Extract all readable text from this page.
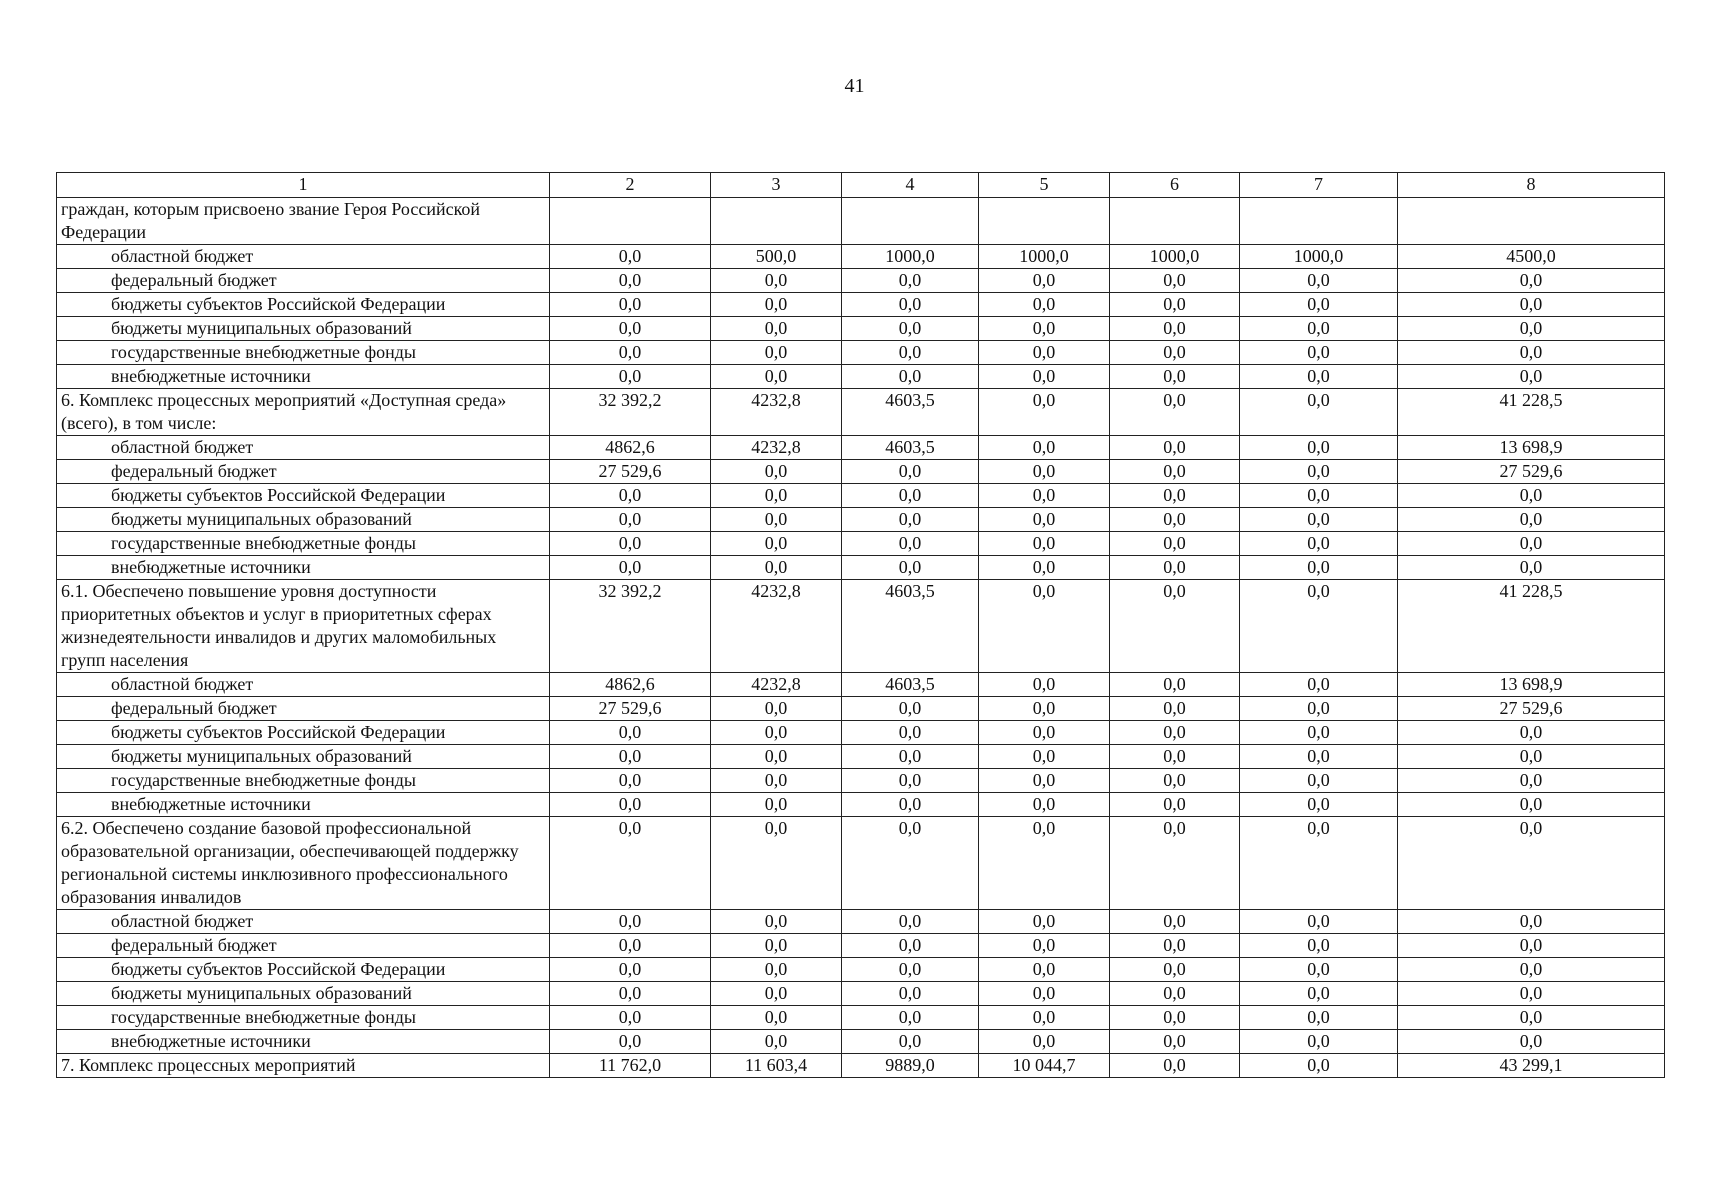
41
1	2	3	4	5	6	7	8
граждан, которым присвоено звание Героя Российской Федерации							
областной бюджет	0,0	500,0	1000,0	1000,0	1000,0	1000,0	4500,0
федеральный бюджет	0,0	0,0	0,0	0,0	0,0	0,0	0,0
бюджеты субъектов Российской Федерации	0,0	0,0	0,0	0,0	0,0	0,0	0,0
бюджеты муниципальных образований	0,0	0,0	0,0	0,0	0,0	0,0	0,0
государственные внебюджетные фонды	0,0	0,0	0,0	0,0	0,0	0,0	0,0
внебюджетные источники	0,0	0,0	0,0	0,0	0,0	0,0	0,0
6. Комплекс процессных мероприятий «Доступная среда» (всего), в том числе:	32 392,2	4232,8	4603,5	0,0	0,0	0,0	41 228,5
областной бюджет	4862,6	4232,8	4603,5	0,0	0,0	0,0	13 698,9
федеральный бюджет	27 529,6	0,0	0,0	0,0	0,0	0,0	27 529,6
бюджеты субъектов Российской Федерации	0,0	0,0	0,0	0,0	0,0	0,0	0,0
бюджеты муниципальных образований	0,0	0,0	0,0	0,0	0,0	0,0	0,0
государственные внебюджетные фонды	0,0	0,0	0,0	0,0	0,0	0,0	0,0
внебюджетные источники	0,0	0,0	0,0	0,0	0,0	0,0	0,0
6.1. Обеспечено повышение уровня доступности приоритетных объектов и услуг в приоритетных сферах жизнедеятельности инвалидов и других маломобильных групп населения	32 392,2	4232,8	4603,5	0,0	0,0	0,0	41 228,5
областной бюджет	4862,6	4232,8	4603,5	0,0	0,0	0,0	13 698,9
федеральный бюджет	27 529,6	0,0	0,0	0,0	0,0	0,0	27 529,6
бюджеты субъектов Российской Федерации	0,0	0,0	0,0	0,0	0,0	0,0	0,0
бюджеты муниципальных образований	0,0	0,0	0,0	0,0	0,0	0,0	0,0
государственные внебюджетные фонды	0,0	0,0	0,0	0,0	0,0	0,0	0,0
внебюджетные источники	0,0	0,0	0,0	0,0	0,0	0,0	0,0
6.2. Обеспечено создание базовой профессиональной образовательной организации, обеспечивающей поддержку региональной системы инклюзивного профессионального образования инвалидов	0,0	0,0	0,0	0,0	0,0	0,0	0,0
областной бюджет	0,0	0,0	0,0	0,0	0,0	0,0	0,0
федеральный бюджет	0,0	0,0	0,0	0,0	0,0	0,0	0,0
бюджеты субъектов Российской Федерации	0,0	0,0	0,0	0,0	0,0	0,0	0,0
бюджеты муниципальных образований	0,0	0,0	0,0	0,0	0,0	0,0	0,0
государственные внебюджетные фонды	0,0	0,0	0,0	0,0	0,0	0,0	0,0
внебюджетные источники	0,0	0,0	0,0	0,0	0,0	0,0	0,0
7. Комплекс процессных мероприятий	11 762,0	11 603,4	9889,0	10 044,7	0,0	0,0	43 299,1
